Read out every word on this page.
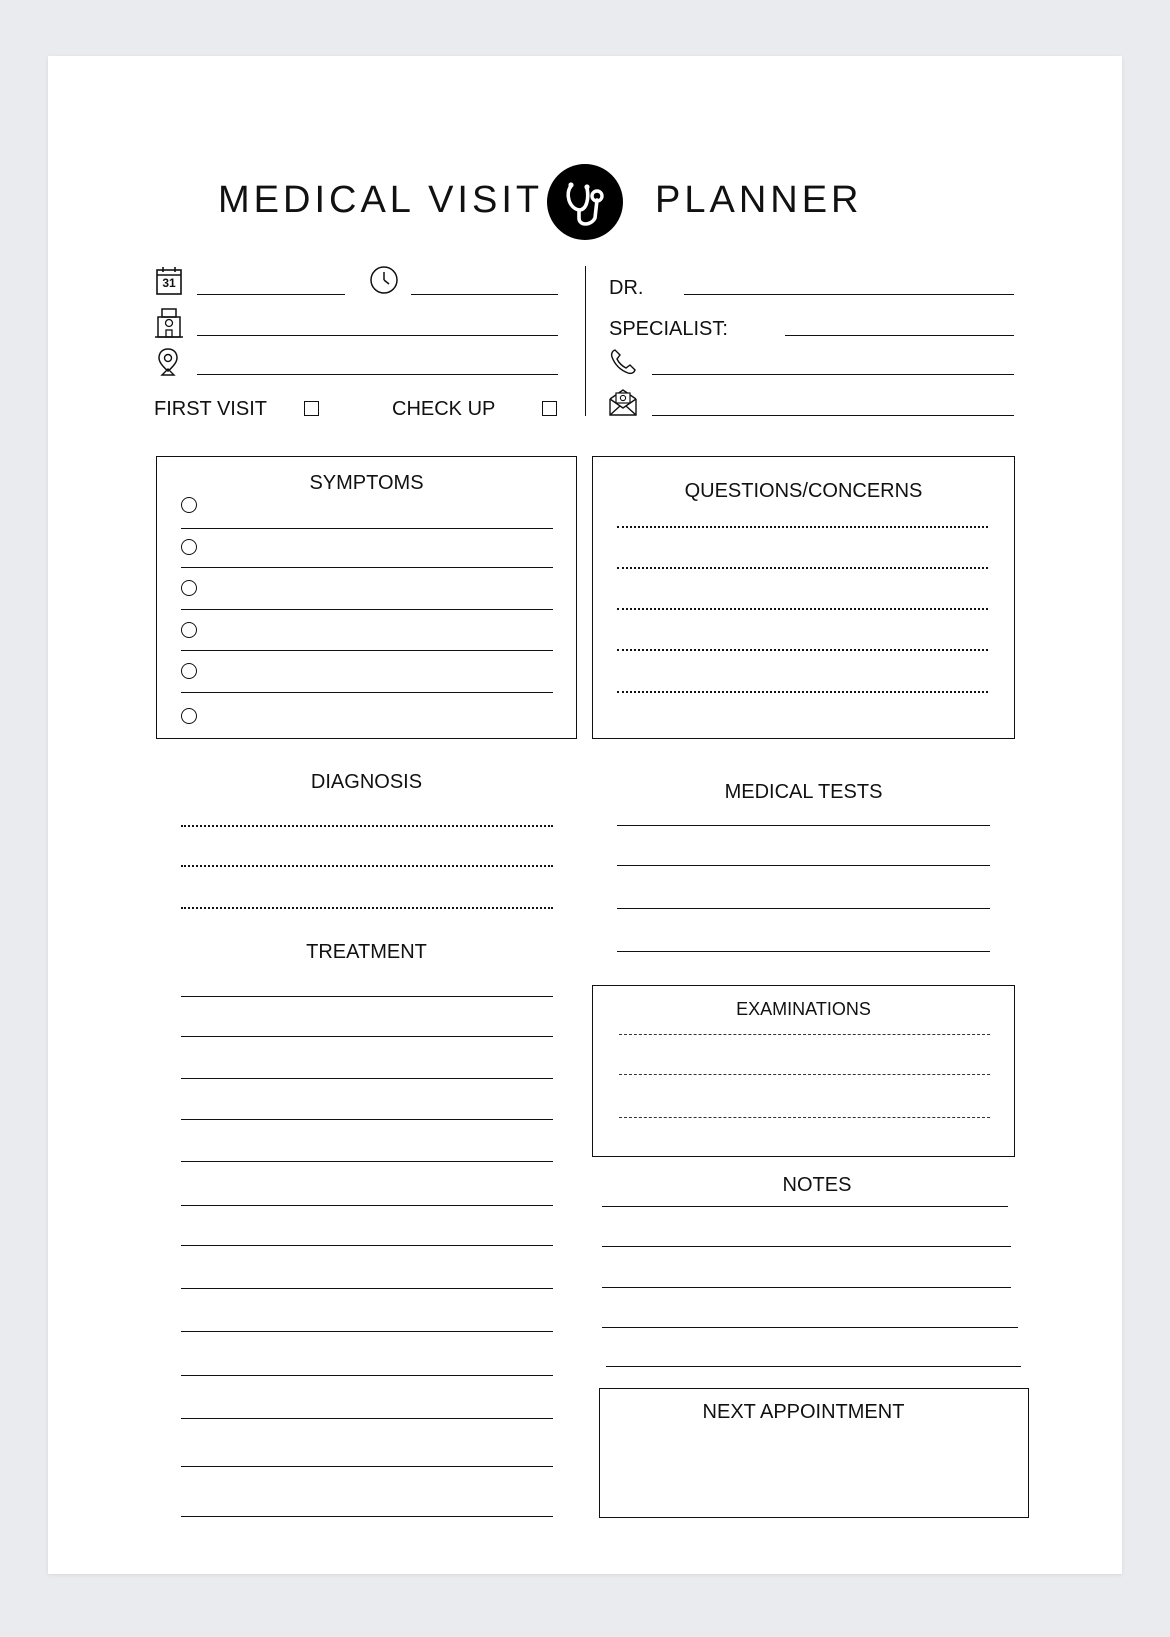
MEDICAL VISIT	PLANNER
31
FIRST VISIT	CHECK UP
DR.
SPECIALIST:
SYMPTOMS	QUESTIONS/CONCERNS
DIAGNOSIS	MEDICAL TESTS
TREATMENT
EXAMINATIONS
NOTES
NEXT APPOINTMENT
